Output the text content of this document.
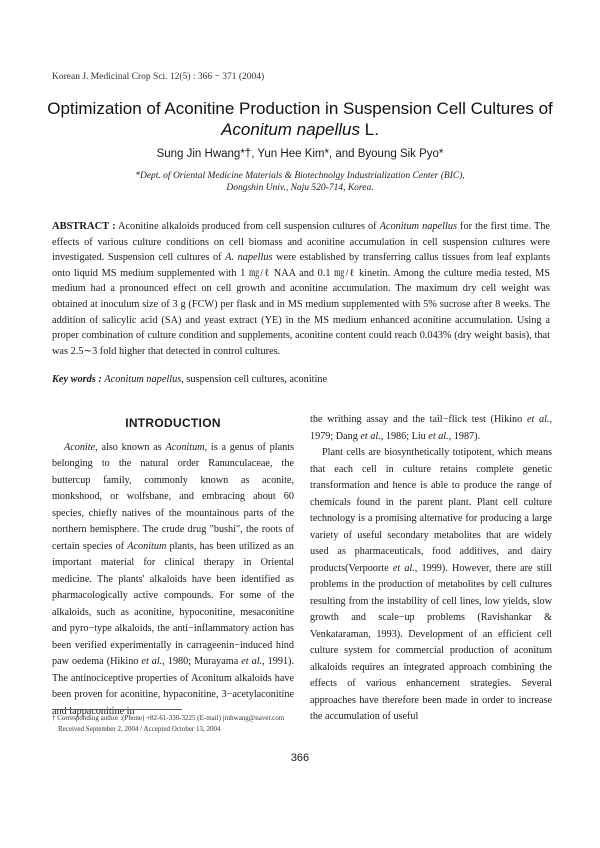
Korean J. Medicinal Crop Sci. 12(5) : 366 − 371 (2004)
Optimization of Aconitine Production in Suspension Cell Cultures of
Aconitum napellus L.
Sung Jin Hwang*†, Yun Hee Kim*, and Byoung Sik Pyo*
*Dept. of Oriental Medicine Materials & Biotechnolgy Industrialization Center (BIC),
Dongshin Univ., Naju 520-714, Korea.
ABSTRACT : Aconitine alkaloids produced from cell suspension cultures of Aconitum napellus for the first time. The effects of various culture conditions on cell biomass and aconitine accumulation in cell suspension cultures were investigated. Suspension cell cultures of A. napellus were established by transferring callus tissues from leaf explants onto liquid MS medium supplemented with 1 ㎎/ℓ NAA and 0.1 ㎎/ℓ kinetin. Among the culture media tested, MS medium had a pronounced effect on cell growth and aconitine accumulation. The maximum dry cell weight was obtained at inoculum size of 3 g (FCW) per flask and in MS medium supplemented with 5% sucrose after 8 weeks. The addition of salicylic acid (SA) and yeast extract (YE) in the MS medium enhanced aconitine accumulation. Using a proper combination of culture condition and supplements, aconitine content could reach 0.043% (dry weight basis), that was 2.5∼3 fold higher that detected in control cultures.
Key words : Aconitum napellus, suspension cell cultures, aconitine
INTRODUCTION

Aconite, also known as Aconitum, is a genus of plants belonging to the natural order Ranunculaceae, the buttercup family, commonly known as aconite, monkshood, or wolfsbane, and embracing about 60 species, chiefly natives of the mountainous parts of the northern hemisphere. The crude drug "bushi", the roots of certain species of Aconitum plants, has been utilized as an important material for clinical therapy in Oriental medicine. The plants' alkaloids have been identified as pharmacologically active compounds. For some of the alkaloids, such as aconitine, hypoconitine, mesaconitine and pyro−type alkaloids, the anti−inflammatory action has been verified experimentally in carrageenin−induced hind paw oedema (Hikino et al., 1980; Murayama et al., 1991). The antinociceptive properties of Aconitum alkaloids have been proven for aconitine, hypaconitine, 3−acetylaconitine and lappaconitine in

the writhing assay and the tail−flick test (Hikino et al., 1979; Dang et al., 1986; Liu et al., 1987).

Plant cells are biosynthetically totipotent, which means that each cell in culture retains complete genetic transformation and hence is able to produce the range of chemicals found in the parent plant. Plant cell culture technology is a promising alternative for producing a large variety of useful secondary metabolites that are widely used as pharmaceuticals, food additives, and dairy products(Verpoorte et al., 1999). However, there are still problems in the production of metabolites by cell cultures resulting from the instability of cell lines, low yields, slow growth and scale−up problems (Ravishankar & Venkataraman, 1993). Development of an efficient cell culture system for commercial production of aconitum alkaloids requires an integrated approach combining the effects of various enhancement strategies. Several approaches have therefore been made in order to increase the accumulation of useful

† Corresponding author :(Phone) +82-61-330-3225 (E-mail) jinhwang@naver.com
Received September 2, 2004 / Accepted October 13, 2004
366
